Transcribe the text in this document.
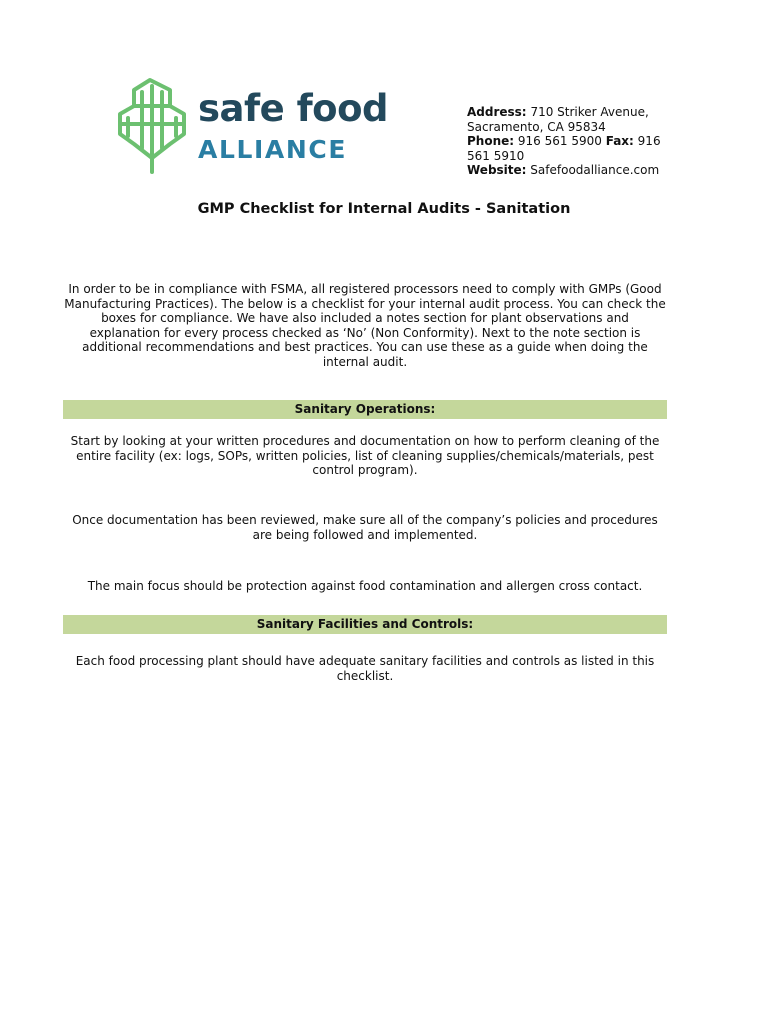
safe food
ALLIANCE
Address: 710 Striker Avenue, Sacramento, CA 95834
Phone: 916 561 5900 Fax: 916 561 5910
Website: Safefoodalliance.com
GMP Checklist for Internal Audits - Sanitation
In order to be in compliance with FSMA, all registered processors need to comply with GMPs (Good Manufacturing Practices). The below is a checklist for your internal audit process. You can check the boxes for compliance. We have also included a notes section for plant observations and explanation for every process checked as ‘No’ (Non Conformity). Next to the note section is additional recommendations and best practices. You can use these as a guide when doing the internal audit.
Sanitary Operations:
Start by looking at your written procedures and documentation on how to perform cleaning of the entire facility (ex: logs, SOPs, written policies, list of cleaning supplies/chemicals/materials, pest control program).
Once documentation has been reviewed, make sure all of the company’s policies and procedures are being followed and implemented.
The main focus should be protection against food contamination and allergen cross contact.
Sanitary Facilities and Controls:
Each food processing plant should have adequate sanitary facilities and controls as listed in this checklist.
